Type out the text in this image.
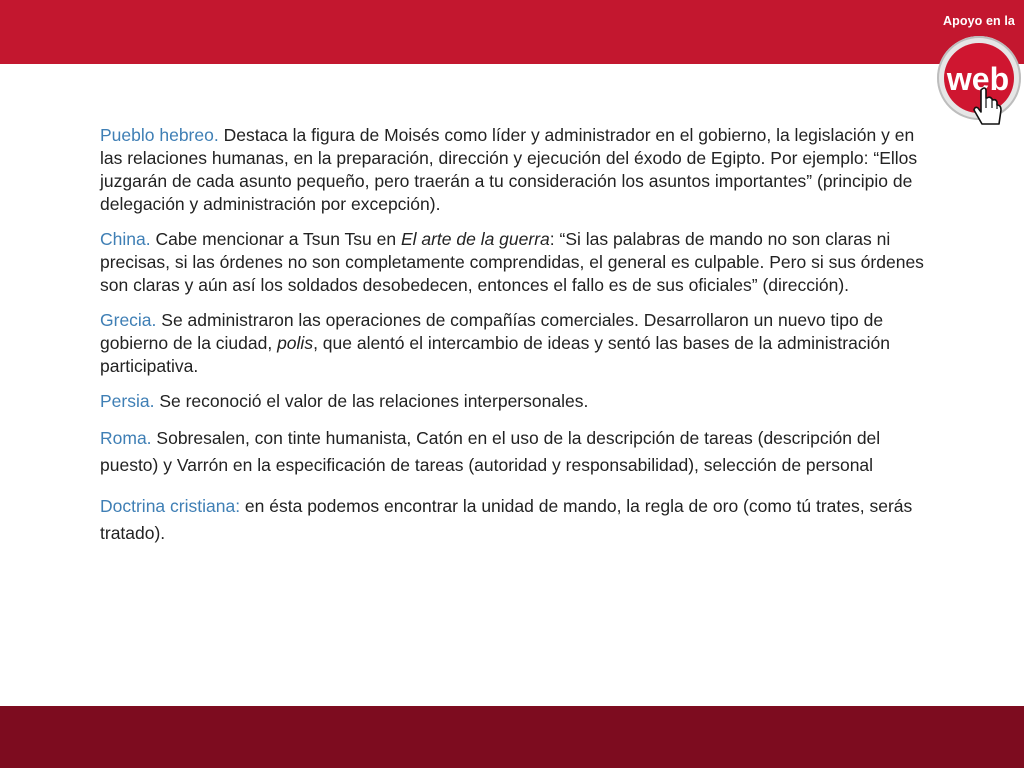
web
Apoyo en la

Pueblo hebreo. Destaca la figura de Moisés como líder y administrador en el gobierno, la legislación y en las relaciones humanas, en la preparación, dirección y ejecución del éxodo de Egipto. Por ejemplo: “Ellos juzgarán de cada asunto pequeño, pero traerán a tu consideración los asuntos importantes” (principio de delegación y administración por excepción).

China. Cabe mencionar a Tsun Tsu en El arte de la guerra: “Si las palabras de mando no son claras ni precisas, si las órdenes no son completamente comprendidas, el general es culpable. Pero si sus órdenes son claras y aún así los soldados desobedecen, entonces el fallo es de sus oficiales” (dirección).

Grecia. Se administraron las operaciones de compañías comerciales. Desarrollaron un nuevo tipo de gobierno de la ciudad, polis, que alentó el intercambio de ideas y sentó las bases de la administración participativa.

Persia. Se reconoció el valor de las relaciones interpersonales.

Roma. Sobresalen, con tinte humanista, Catón en el uso de la descripción de tareas (descripción del puesto) y Varrón en la especificación de tareas (autoridad y responsabilidad), selección de personal

Doctrina cristiana: en ésta podemos encontrar la unidad de mando, la regla de oro (como tú trates, serás tratado).
